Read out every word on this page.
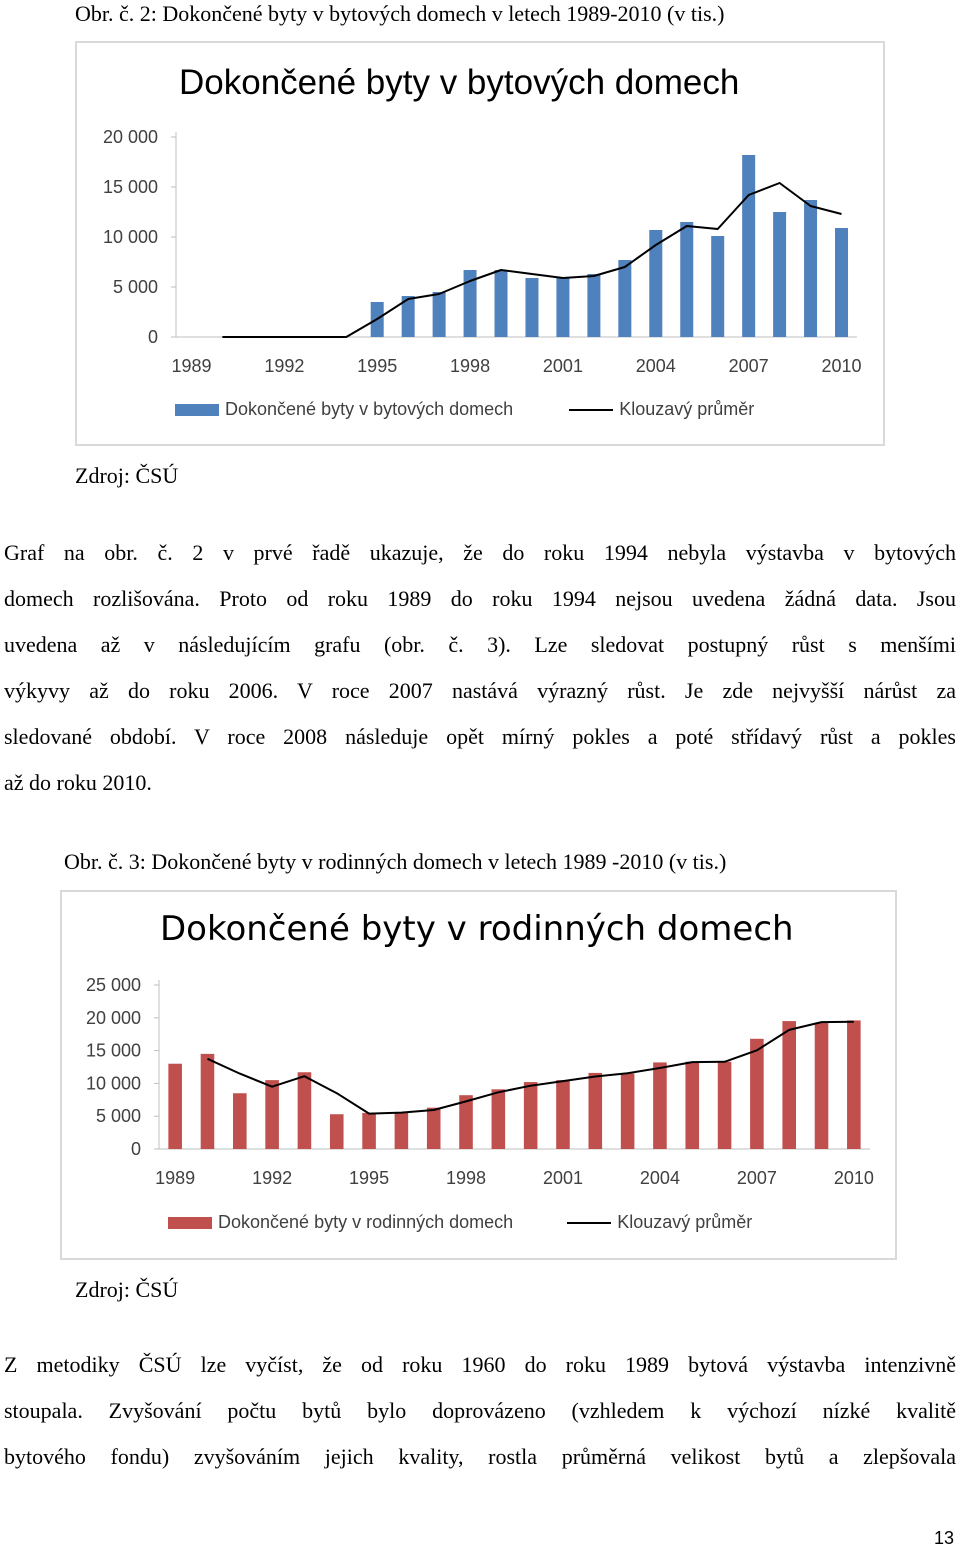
Obr. č. 2: Dokončené byty v bytových domech v letech 1989-2010 (v tis.)
Dokončené byty v bytových domech
0
5 000
10 000
15 000
20 000
1989	1992	1995	1998	2001	2004	2007	2010
Dokončené byty v bytových domech	Klouzavý průměr
Zdroj: ČSÚ
Graf na obr. č. 2 v prvé řadě ukazuje, že do roku 1994 nebyla výstavba v bytových
domech rozlišována. Proto od roku 1989 do roku 1994 nejsou uvedena žádná data. Jsou
uvedena až v následujícím grafu (obr. č. 3). Lze sledovat postupný růst s menšími
výkyvy až do roku 2006. V roce 2007 nastává výrazný růst. Je zde nejvyšší nárůst za
sledované období. V roce 2008 následuje opět mírný pokles a poté střídavý růst a pokles
až do roku 2010.
Obr. č. 3: Dokončené byty v rodinných domech v letech 1989 -2010 (v tis.)
Dokončené byty v rodinných domech
0
5 000
10 000
15 000
20 000
25 000
1989	1992	1995	1998	2001	2004	2007	2010
Dokončené byty v rodinných domech	Klouzavý průměr
Zdroj: ČSÚ
Z metodiky ČSÚ lze vyčíst, že od roku 1960 do roku 1989 bytová výstavba intenzivně
stoupala. Zvyšování počtu bytů bylo doprovázeno (vzhledem k výchozí nízké kvalitě
bytového fondu) zvyšováním jejich kvality, rostla průměrná velikost bytů a zlepšovala
13
